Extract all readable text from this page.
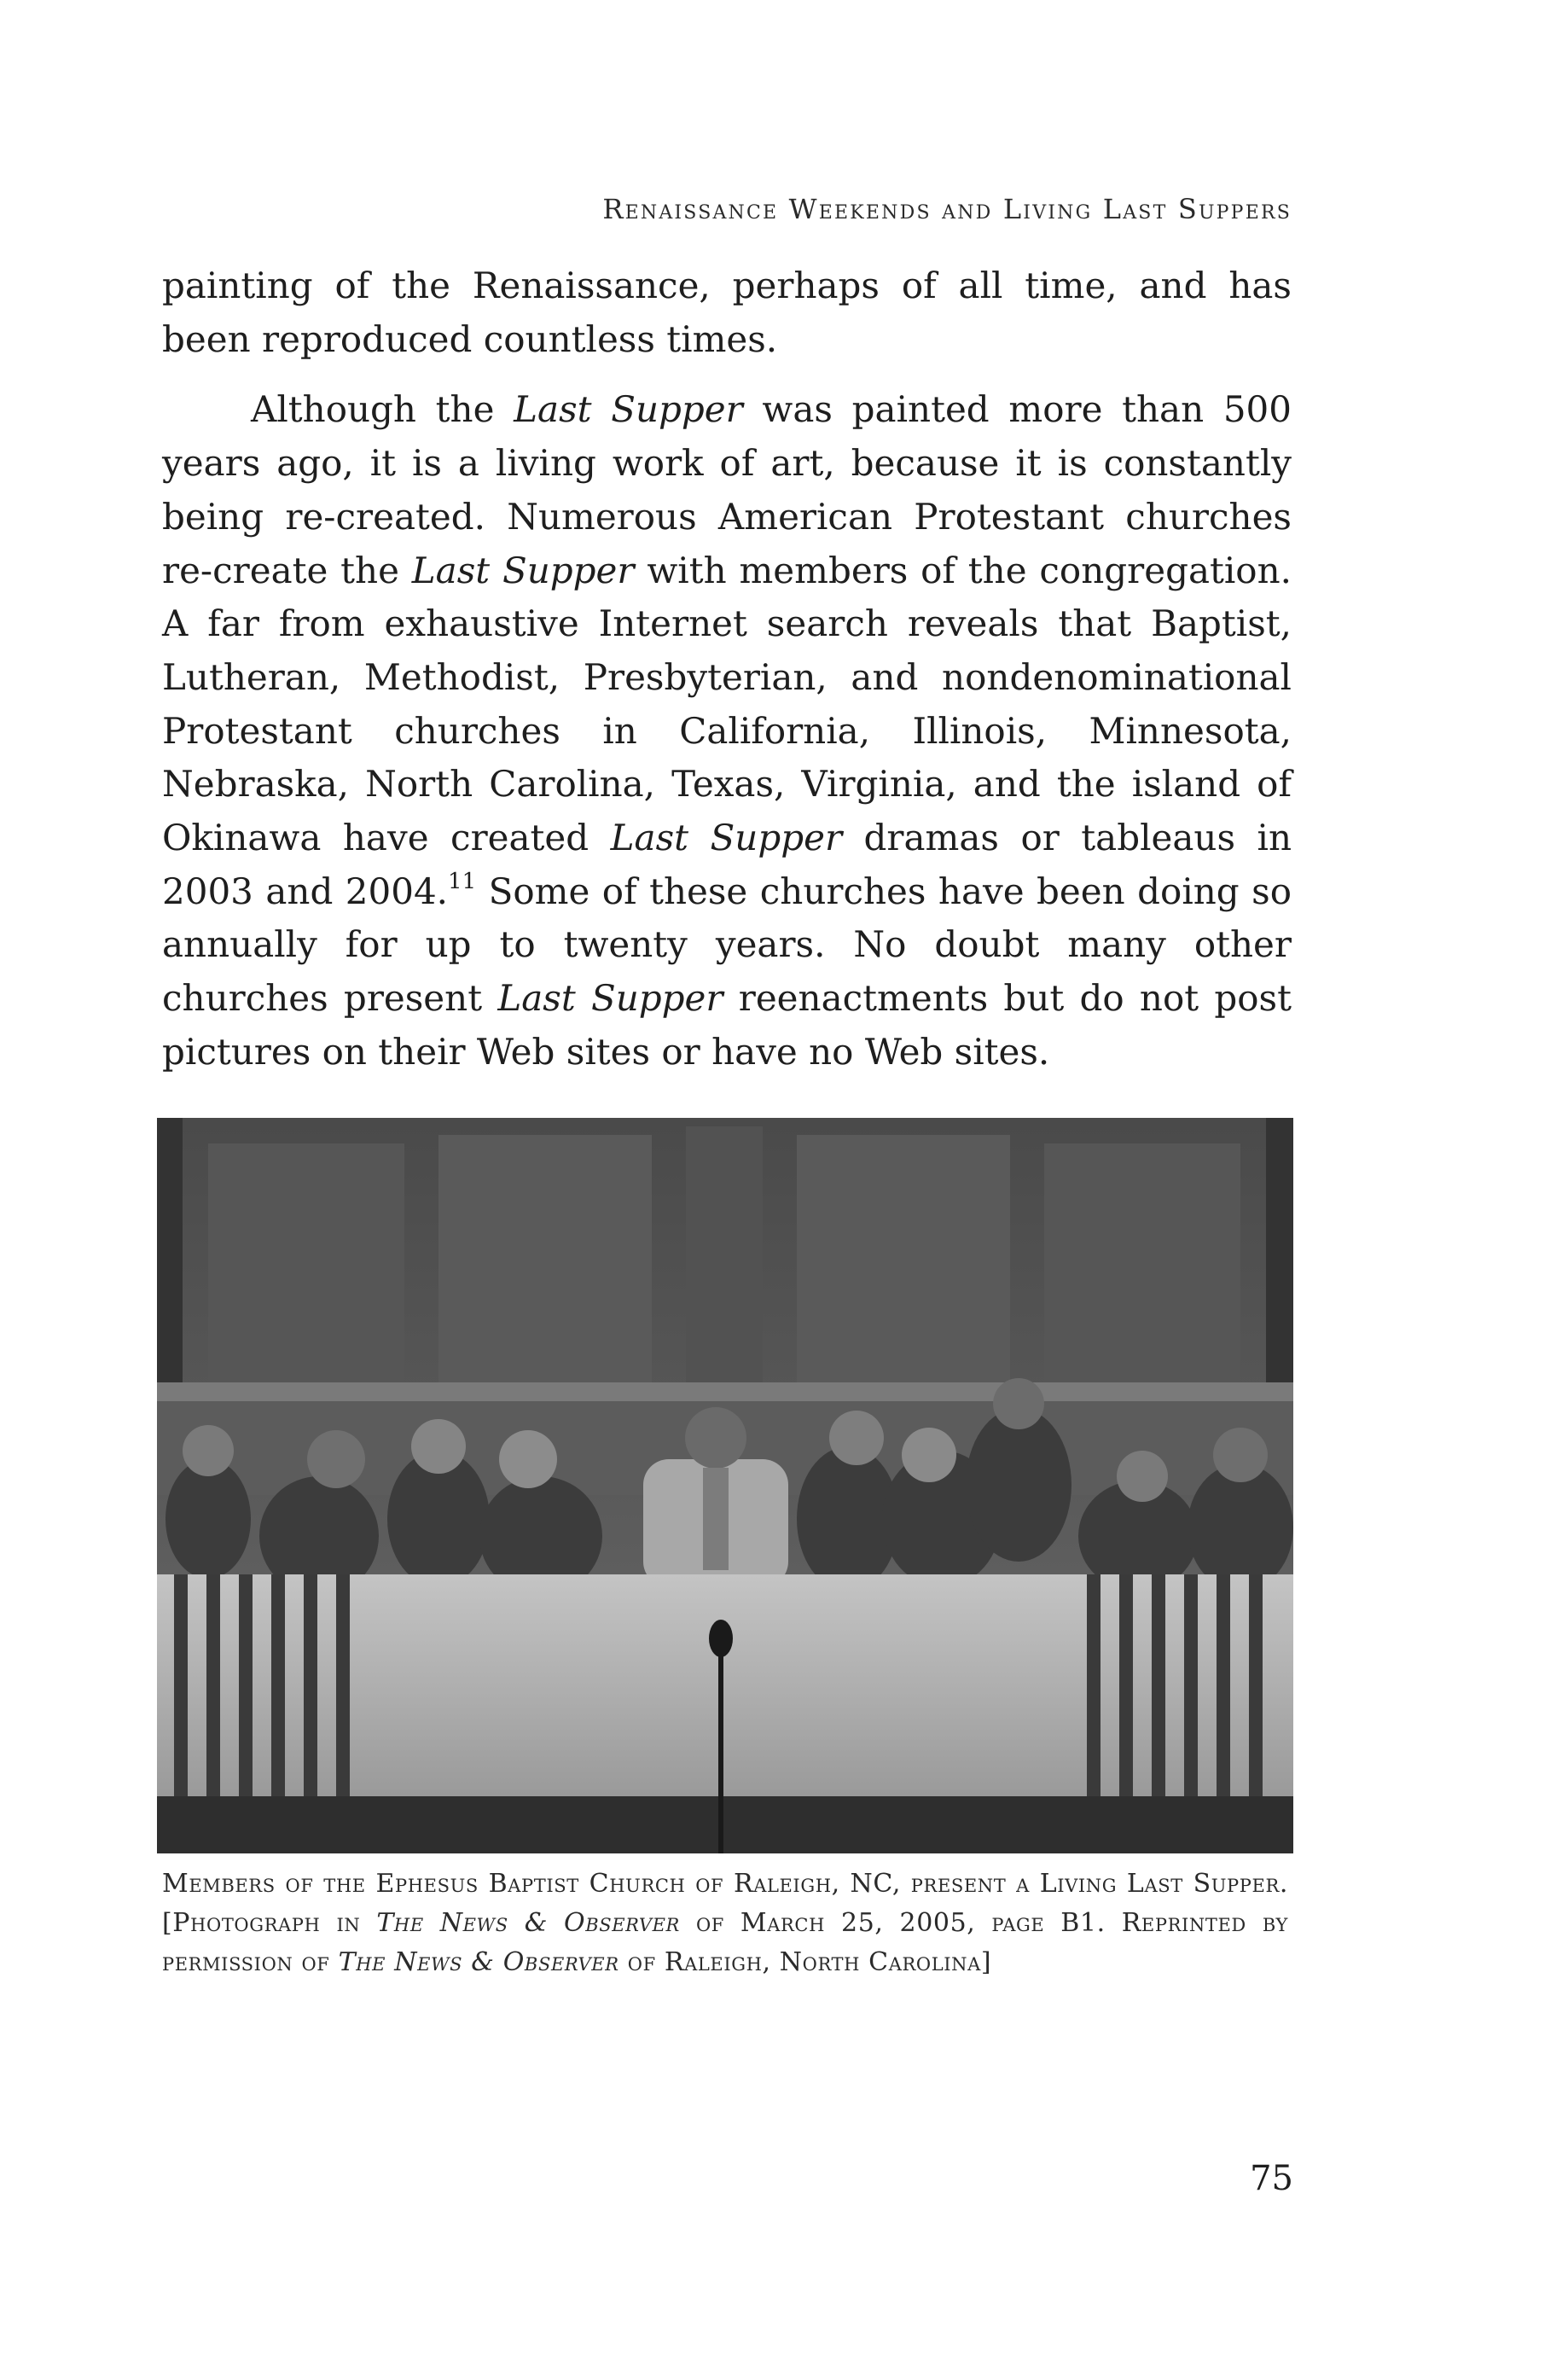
Renaissance Weekends and Living Last Suppers

painting of the Renaissance, perhaps of all time, and has been reproduced countless times.

Although the Last Supper was painted more than 500 years ago, it is a living work of art, because it is constantly being re-created. Numerous American Protestant churches re-create the Last Supper with members of the congregation. A far from exhaustive Internet search reveals that Baptist, Lutheran, Methodist, Presbyterian, and nondenominational Protestant churches in California, Illinois, Minnesota, Nebraska, North Carolina, Texas, Virginia, and the island of Okinawa have created Last Supper dramas or tableaus in 2003 and 2004.11 Some of these churches have been doing so annually for up to twenty years. No doubt many other churches present Last Supper reenactments but do not post pictures on their Web sites or have no Web sites.

Members of the Ephesus Baptist Church of Raleigh, NC, present a Living Last Supper. [Photograph in The News & Observer of March 25, 2005, page B1. Reprinted by permission of The News & Observer of Raleigh, North Carolina]
75
